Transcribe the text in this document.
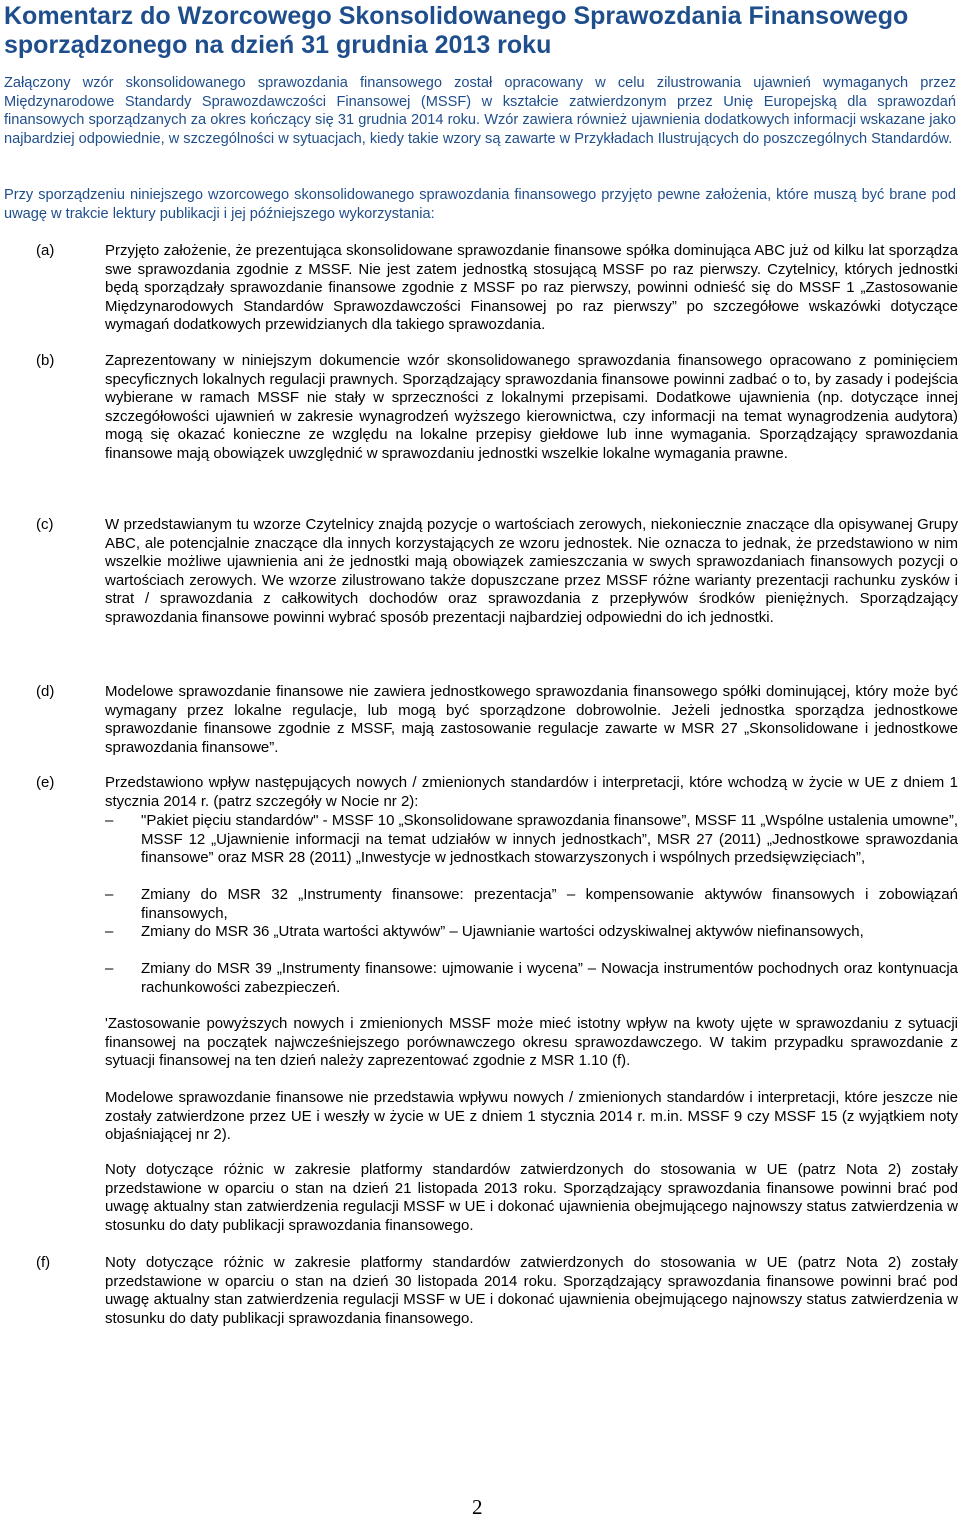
Komentarz do Wzorcowego Skonsolidowanego Sprawozdania Finansowego sporządzonego na dzień 31 grudnia 2013 roku

Załączony wzór skonsolidowanego sprawozdania finansowego został opracowany w celu zilustrowania ujawnień wymaganych przez Międzynarodowe Standardy Sprawozdawczości Finansowej (MSSF) w kształcie zatwierdzonym przez Unię Europejską dla sprawozdań finansowych sporządzanych za okres kończący się 31 grudnia 2014 roku. Wzór zawiera również ujawnienia dodatkowych informacji wskazane jako najbardziej odpowiednie, w szczególności w sytuacjach, kiedy takie wzory są zawarte w Przykładach Ilustrujących do poszczególnych Standardów.

Przy sporządzeniu niniejszego wzorcowego skonsolidowanego sprawozdania finansowego przyjęto pewne założenia, które muszą być brane pod uwagę w trakcie lektury publikacji i jej późniejszego wykorzystania:

(a)	Przyjęto założenie, że prezentująca skonsolidowane sprawozdanie finansowe spółka dominująca ABC już od kilku lat sporządza swe sprawozdania zgodnie z MSSF. Nie jest zatem jednostką stosującą MSSF po raz pierwszy. Czytelnicy, których jednostki będą sporządzały sprawozdanie finansowe zgodnie z MSSF po raz pierwszy, powinni odnieść się do MSSF 1 „Zastosowanie Międzynarodowych Standardów Sprawozdawczości Finansowej po raz pierwszy” po szczegółowe wskazówki dotyczące wymagań dodatkowych przewidzianych dla takiego sprawozdania.

(b)	Zaprezentowany w niniejszym dokumencie wzór skonsolidowanego sprawozdania finansowego opracowano z pominięciem specyficznych lokalnych regulacji prawnych. Sporządzający sprawozdania finansowe powinni zadbać o to, by zasady i podejścia wybierane w ramach MSSF nie stały w sprzeczności z lokalnymi przepisami. Dodatkowe ujawnienia (np. dotyczące innej szczegółowości ujawnień w zakresie wynagrodzeń wyższego kierownictwa, czy informacji na temat wynagrodzenia audytora) mogą się okazać konieczne ze względu na lokalne przepisy giełdowe lub inne wymagania. Sporządzający sprawozdania finansowe mają obowiązek uwzględnić w sprawozdaniu jednostki wszelkie lokalne wymagania prawne.

(c)	W przedstawianym tu wzorze Czytelnicy znajdą pozycje o wartościach zerowych, niekoniecznie znaczące dla opisywanej Grupy ABC, ale potencjalnie znaczące dla innych korzystających ze wzoru jednostek. Nie oznacza to jednak, że przedstawiono w nim wszelkie możliwe ujawnienia ani że jednostki mają obowiązek zamieszczania w swych sprawozdaniach finansowych pozycji o wartościach zerowych. We wzorze zilustrowano także dopuszczane przez MSSF różne warianty prezentacji rachunku zysków i strat / sprawozdania z całkowitych dochodów oraz sprawozdania z przepływów środków pieniężnych. Sporządzający sprawozdania finansowe powinni wybrać sposób prezentacji najbardziej odpowiedni do ich jednostki.

(d)	Modelowe sprawozdanie finansowe nie zawiera jednostkowego sprawozdania finansowego spółki dominującej, który może być wymagany przez lokalne regulacje, lub mogą być sporządzone dobrowolnie. Jeżeli jednostka sporządza jednostkowe sprawozdanie finansowe zgodnie z MSSF, mają zastosowanie regulacje zawarte w MSR 27 „Skonsolidowane i jednostkowe sprawozdania finansowe”.

(e)	Przedstawiono wpływ następujących nowych / zmienionych standardów i interpretacji, które wchodzą w życie w UE z dniem 1 stycznia 2014 r. (patrz szczegóły w Nocie nr 2):

– "Pakiet pięciu standardów" - MSSF 10 „Skonsolidowane sprawozdania finansowe”, MSSF 11 „Wspólne ustalenia umowne”, MSSF 12 „Ujawnienie informacji na temat udziałów w innych jednostkach”, MSR 27 (2011) „Jednostkowe sprawozdania finansowe” oraz MSR 28 (2011) „Inwestycje w jednostkach stowarzyszonych i wspólnych przedsięwzięciach”,

– Zmiany do MSR 32 „Instrumenty finansowe: prezentacja” – kompensowanie aktywów finansowych i zobowiązań finansowych,

– Zmiany do MSR 36 „Utrata wartości aktywów” – Ujawnianie wartości odzyskiwalnej aktywów niefinansowych,

– Zmiany do MSR 39 „Instrumenty finansowe: ujmowanie i wycena” – Nowacja instrumentów pochodnych oraz kontynuacja rachunkowości zabezpieczeń.

'Zastosowanie powyższych nowych i zmienionych MSSF może mieć istotny wpływ na kwoty ujęte w sprawozdaniu z sytuacji finansowej na początek najwcześniejszego porównawczego okresu sprawozdawczego. W takim przypadku sprawozdanie z sytuacji finansowej na ten dzień należy zaprezentować zgodnie z MSR 1.10 (f).

Modelowe sprawozdanie finansowe nie przedstawia wpływu nowych / zmienionych standardów i interpretacji, które jeszcze nie zostały zatwierdzone przez UE i weszły w życie w UE z dniem 1 stycznia 2014 r. m.in. MSSF 9 czy MSSF 15 (z wyjątkiem noty objaśniającej nr 2).

Noty dotyczące różnic w zakresie platformy standardów zatwierdzonych do stosowania w UE (patrz Nota 2) zostały przedstawione w oparciu o stan na dzień 21 listopada 2013 roku. Sporządzający sprawozdania finansowe powinni brać pod uwagę aktualny stan zatwierdzenia regulacji MSSF w UE i dokonać ujawnienia obejmującego najnowszy status zatwierdzenia w stosunku do daty publikacji sprawozdania finansowego.

(f)	Noty dotyczące różnic w zakresie platformy standardów zatwierdzonych do stosowania w UE (patrz Nota 2) zostały przedstawione w oparciu o stan na dzień 30 listopada 2014 roku. Sporządzający sprawozdania finansowe powinni brać pod uwagę aktualny stan zatwierdzenia regulacji MSSF w UE i dokonać ujawnienia obejmującego najnowszy status zatwierdzenia w stosunku do daty publikacji sprawozdania finansowego.

2
